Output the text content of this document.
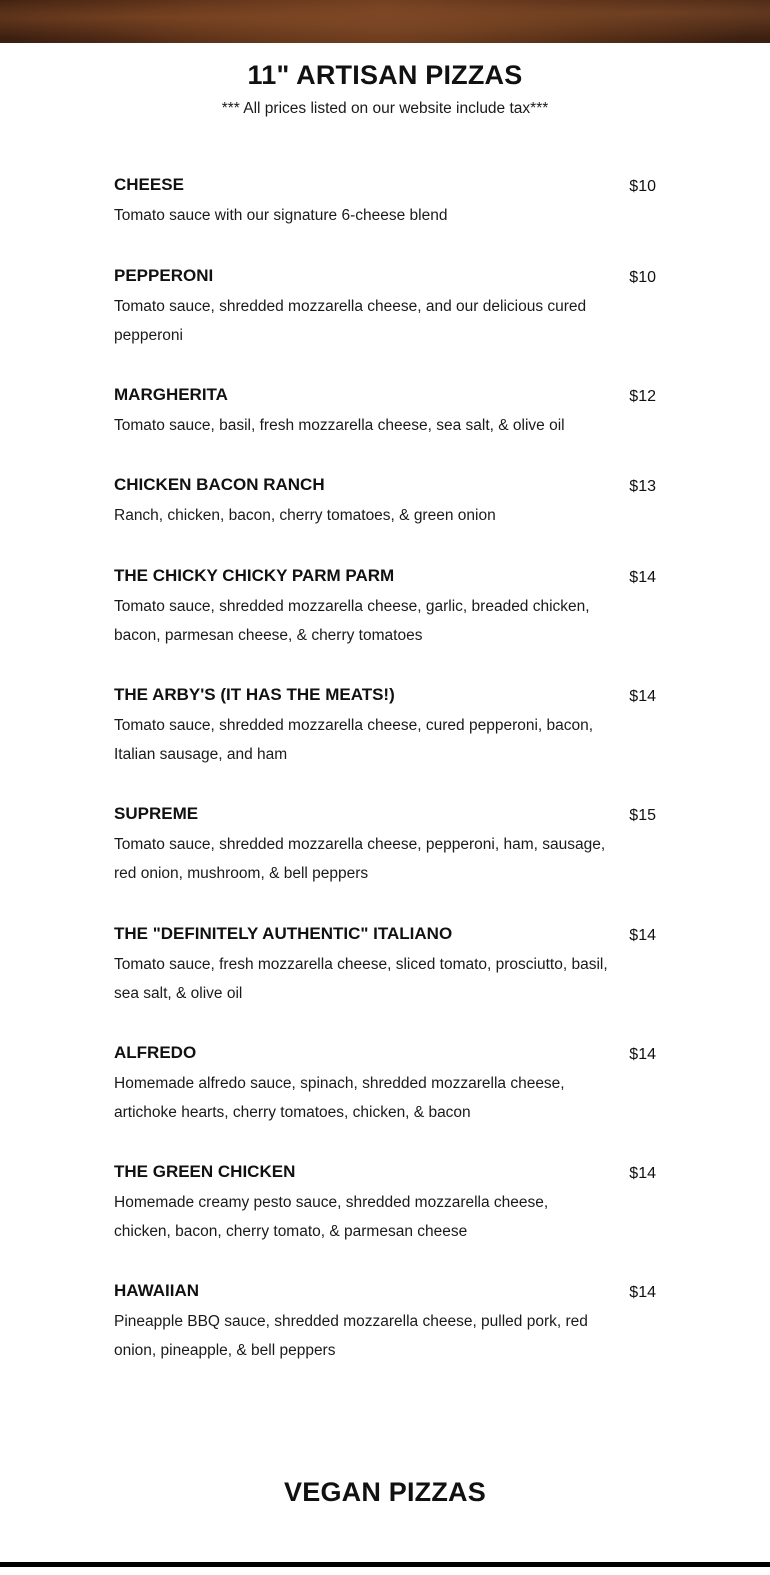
11" ARTISAN PIZZAS
*** All prices listed on our website include tax***
CHEESE	$10
Tomato sauce with our signature 6-cheese blend
PEPPERONI	$10
Tomato sauce, shredded mozzarella cheese, and our delicious cured pepperoni
MARGHERITA	$12
Tomato sauce, basil, fresh mozzarella cheese, sea salt, & olive oil
CHICKEN BACON RANCH	$13
Ranch, chicken, bacon, cherry tomatoes, & green onion
THE CHICKY CHICKY PARM PARM	$14
Tomato sauce, shredded mozzarella cheese, garlic, breaded chicken, bacon, parmesan cheese, & cherry tomatoes
THE ARBY'S (IT HAS THE MEATS!)	$14
Tomato sauce, shredded mozzarella cheese, cured pepperoni, bacon, Italian sausage, and ham
SUPREME	$15
Tomato sauce, shredded mozzarella cheese, pepperoni, ham, sausage, red onion, mushroom, & bell peppers
THE "DEFINITELY AUTHENTIC" ITALIANO	$14
Tomato sauce, fresh mozzarella cheese, sliced tomato, prosciutto, basil, sea salt, & olive oil
ALFREDO	$14
Homemade alfredo sauce, spinach, shredded mozzarella cheese, artichoke hearts, cherry tomatoes, chicken, & bacon
THE GREEN CHICKEN	$14
Homemade creamy pesto sauce, shredded mozzarella cheese, chicken, bacon, cherry tomato, & parmesan cheese
HAWAIIAN	$14
Pineapple BBQ sauce, shredded mozzarella cheese, pulled pork, red onion, pineapple, & bell peppers
VEGAN PIZZAS
